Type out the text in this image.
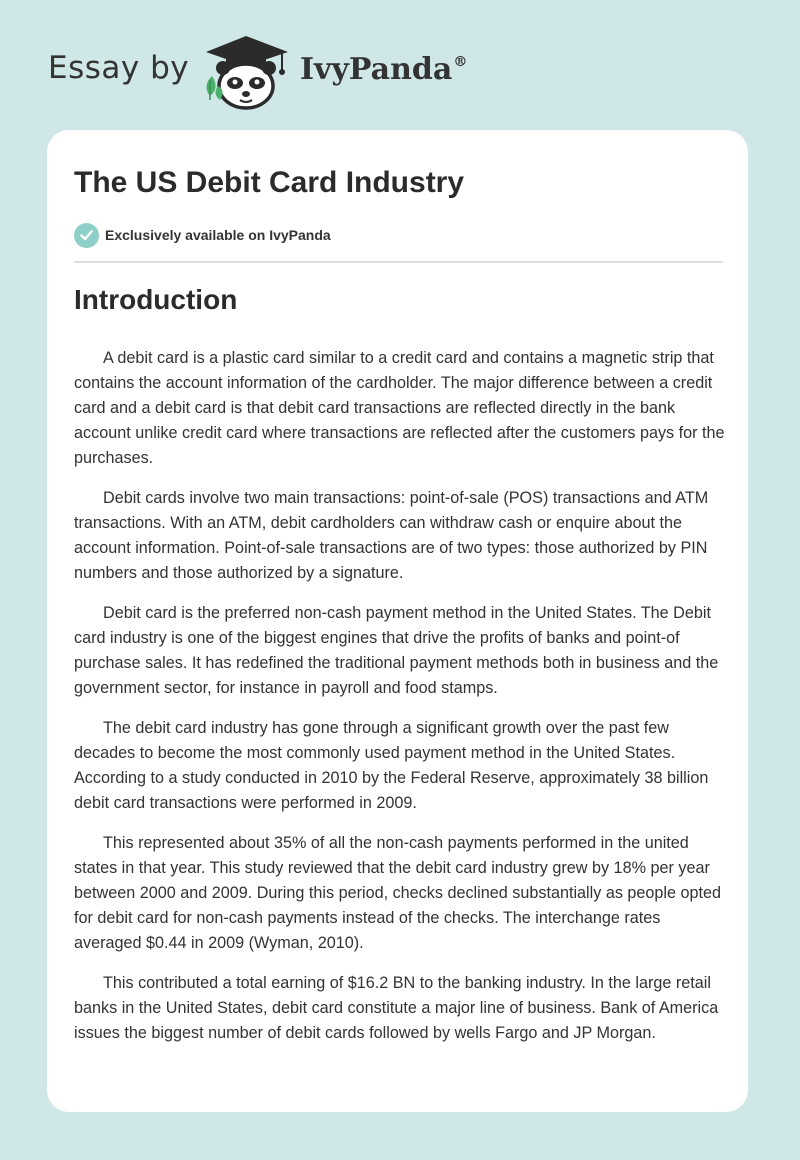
Essay by	IvyPanda®
The US Debit Card Industry
Exclusively available on IvyPanda
Introduction

A debit card is a plastic card similar to a credit card and contains a magnetic strip that contains the account information of the cardholder. The major difference between a credit card and a debit card is that debit card transactions are reflected directly in the bank account unlike credit card where transactions are reflected after the customers pays for the purchases.

Debit cards involve two main transactions: point-of-sale (POS) transactions and ATM transactions. With an ATM, debit cardholders can withdraw cash or enquire about the account information. Point-of-sale transactions are of two types: those authorized by PIN numbers and those authorized by a signature.

Debit card is the preferred non-cash payment method in the United States. The Debit card industry is one of the biggest engines that drive the profits of banks and point-of purchase sales. It has redefined the traditional payment methods both in business and the government sector, for instance in payroll and food stamps.

The debit card industry has gone through a significant growth over the past few decades to become the most commonly used payment method in the United States. According to a study conducted in 2010 by the Federal Reserve, approximately 38 billion debit card transactions were performed in 2009.

This represented about 35% of all the non-cash payments performed in the united states in that year. This study reviewed that the debit card industry grew by 18% per year between 2000 and 2009. During this period, checks declined substantially as people opted for debit card for non-cash payments instead of the checks. The interchange rates averaged $0.44 in 2009 (Wyman, 2010).

This contributed a total earning of $16.2 BN to the banking industry. In the large retail banks in the United States, debit card constitute a major line of business. Bank of America issues the biggest number of debit cards followed by wells Fargo and JP Morgan.
